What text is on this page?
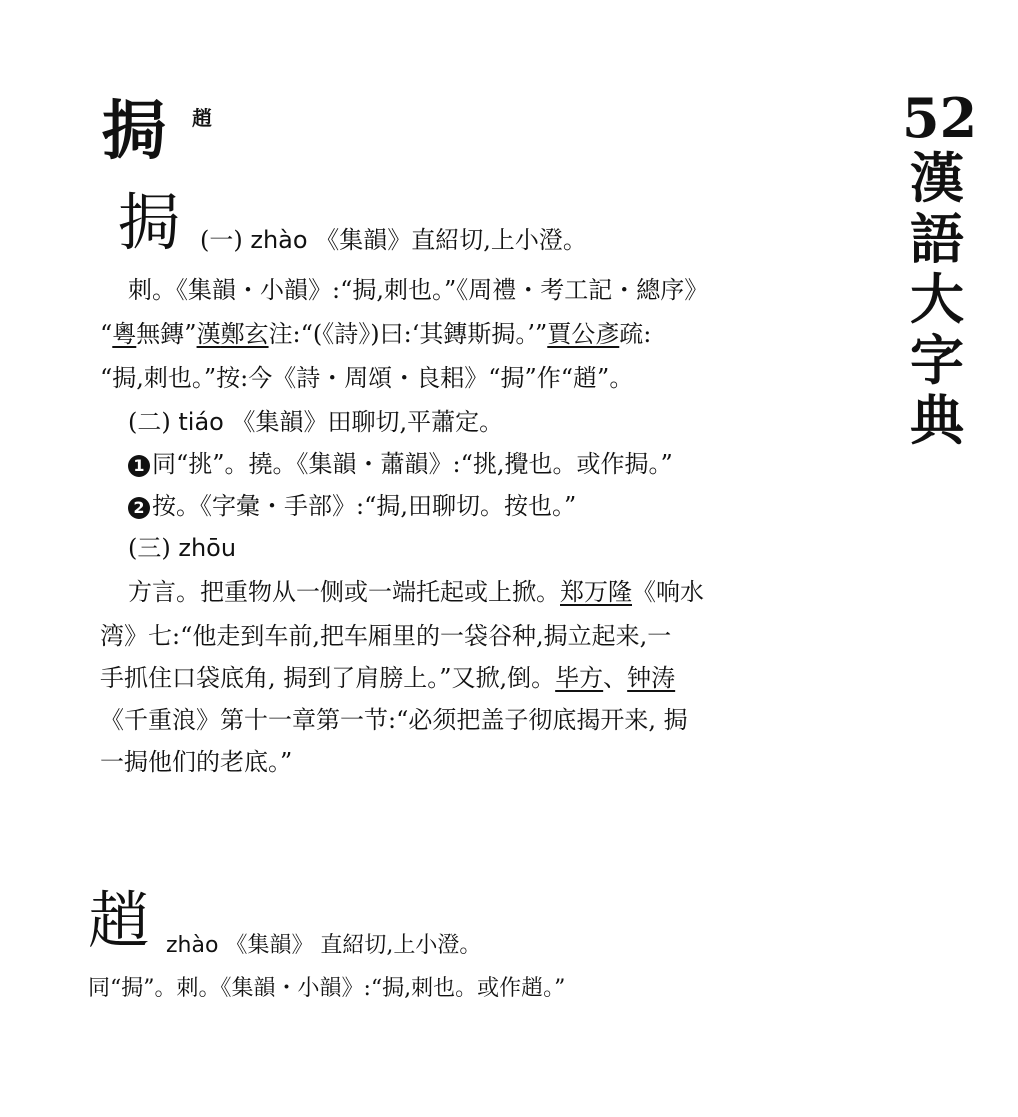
挶 趙	52
漢
語
大
字
典
挶 (一) zhào 《集韻》直紹切,上小澄。
刺。《集韻・小韻》:“挶,刺也。”《周禮・考工記・總序》
“粵無鏄”漢鄭玄注:“(《詩》)曰:‘其鏄斯挶。’”賈公彥疏:
“挶,刺也。”按:今《詩・周頌・良耜》“挶”作“趙”。
(二) tiáo 《集韻》田聊切,平蕭定。
1 同“挑”。撓。《集韻・蕭韻》:“挑,攪也。或作挶。”
2 按。《字彙・手部》:“挶,田聊切。按也。”
(三) zhōu
方言。把重物从一侧或一端托起或上掀。郑万隆《响水
湾》七:“他走到车前,把车厢里的一袋谷种,挶立起来,一
手抓住口袋底角, 挶到了肩膀上。”又掀,倒。毕方、钟涛
《千重浪》第十一章第一节:“必须把盖子彻底揭开来, 挶
一挶他们的老底。”
趙 zhào 《集韻》 直紹切,上小澄。
同“挶”。刺。《集韻・小韻》:“挶,刺也。或作趙。”
